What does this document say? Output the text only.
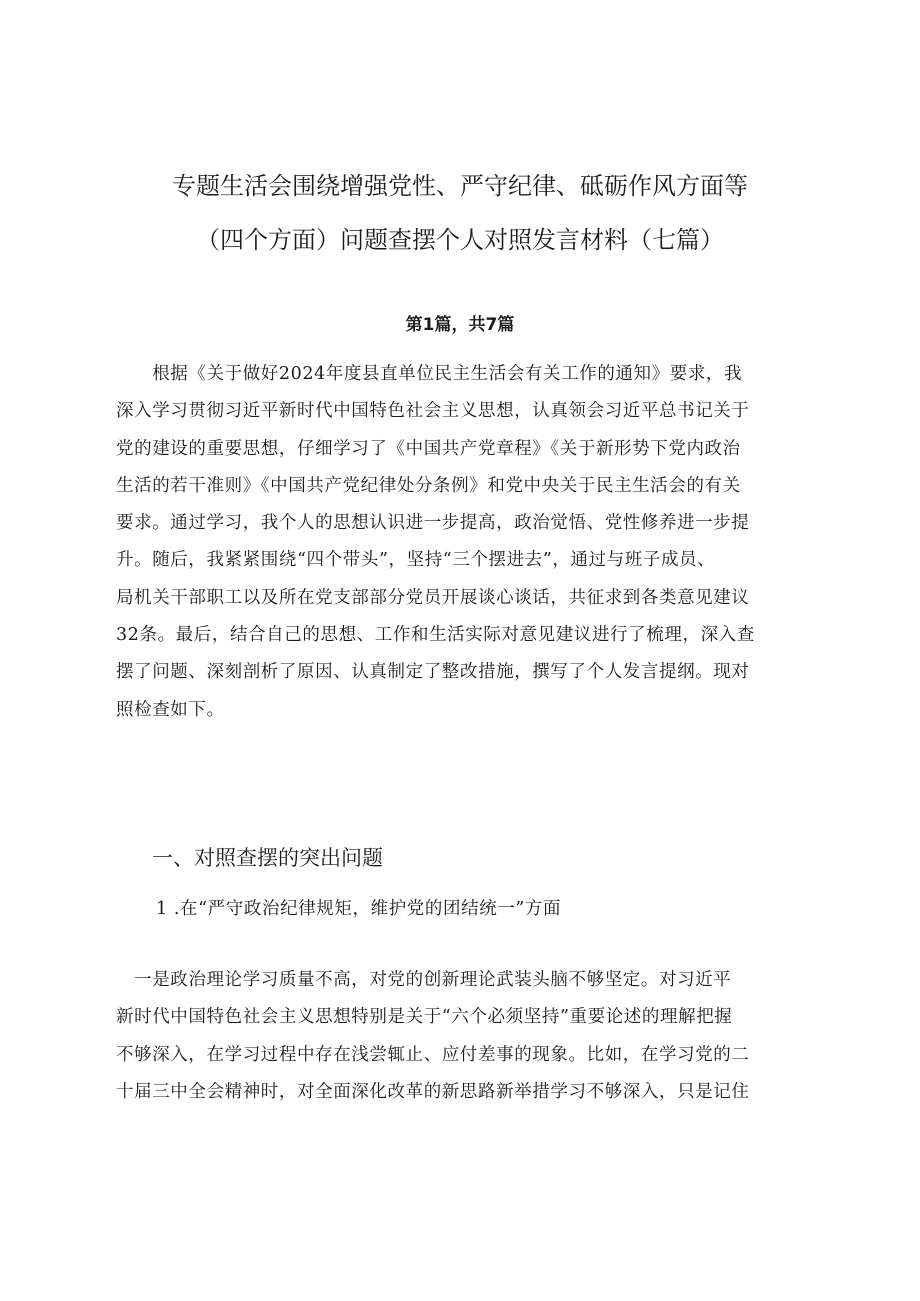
专题生活会围绕增强党性、严守纪律、砥砺作风方面等
（四个方面）问题查摆个人对照发言材料（七篇）
第1篇，共7篇

　　根据《关于做好2024年度县直单位民主生活会有关工作的通知》要求，我

深入学习贯彻习近平新时代中国特色社会主义思想，认真领会习近平总书记关于

党的建设的重要思想，仔细学习了《中国共产党章程》《关于新形势下党内政治

生活的若干准则》《中国共产党纪律处分条例》和党中央关于民主生活会的有关

要求。通过学习，我个人的思想认识进一步提高，政治觉悟、党性修养进一步提

升。随后，我紧紧围绕“四个带头”，坚持“三个摆进去”，通过与班子成员、

局机关干部职工以及所在党支部部分党员开展谈心谈话，共征求到各类意见建议

32条。最后，结合自己的思想、工作和生活实际对意见建议进行了梳理，深入查

摆了问题、深刻剖析了原因、认真制定了整改措施，撰写了个人发言提纲。现对

照检查如下。

一、对照查摆的突出问题
1 .在“严守政治纪律规矩，维护党的团结统一”方面

　一是政治理论学习质量不高，对党的创新理论武装头脑不够坚定。对习近平

新时代中国特色社会主义思想特别是关于“六个必须坚持”重要论述的理解把握

不够深入，在学习过程中存在浅尝辄止、应付差事的现象。比如，在学习党的二

十届三中全会精神时，对全面深化改革的新思路新举措学习不够深入，只是记住
